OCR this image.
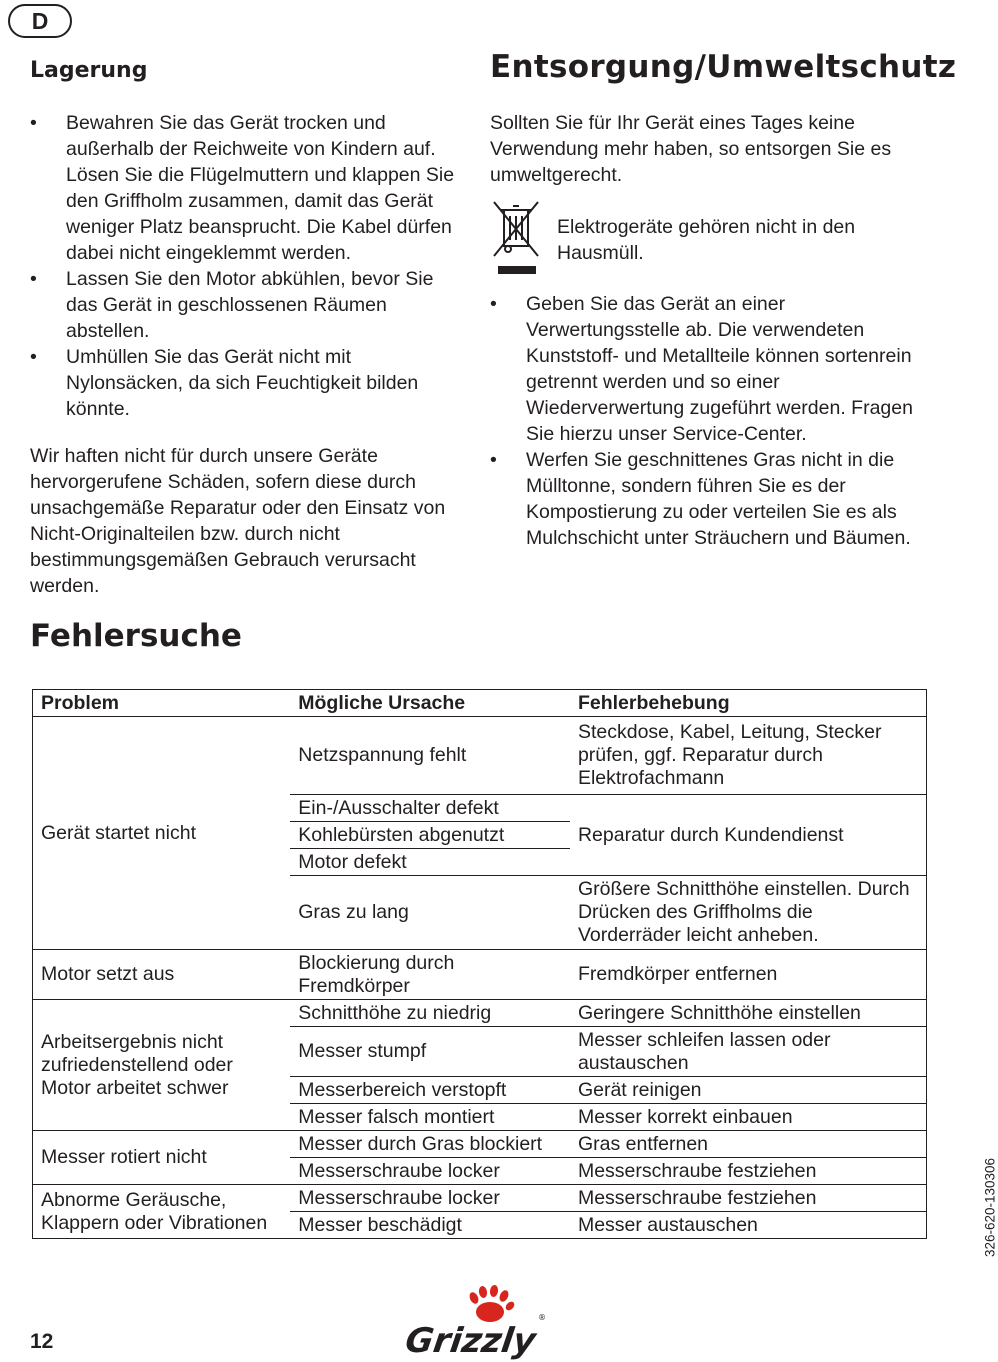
D
Lagerung
• Bewahren Sie das Gerät trocken und außerhalb der Reichweite von Kindern auf. Lösen Sie die Flügelmuttern und klappen Sie den Griffholm zusammen, damit das Gerät weniger Platz beansprucht. Die Kabel dürfen dabei nicht eingeklemmt werden.
• Lassen Sie den Motor abkühlen, bevor Sie das Gerät in geschlossenen Räumen abstellen.
• Umhüllen Sie das Gerät nicht mit Nylonsäcken, da sich Feuchtigkeit bilden könnte.

Wir haften nicht für durch unsere Geräte hervorgerufene Schäden, sofern diese durch unsachgemäße Reparatur oder den Einsatz von Nicht-Originalteilen bzw. durch nicht bestimmungsgemäßen Gebrauch verursacht werden.

Entsorgung/Umweltschutz
Sollten Sie für Ihr Gerät eines Tages keine Verwendung mehr haben, so entsorgen Sie es umweltgerecht.
Elektrogeräte gehören nicht in den Hausmüll.
• Geben Sie das Gerät an einer Verwertungsstelle ab. Die verwendeten Kunststoff- und Metallteile können sortenrein getrennt werden und so einer Wiederverwertung zugeführt werden. Fragen Sie hierzu unser Service-Center.
• Werfen Sie geschnittenes Gras nicht in die Mülltonne, sondern führen Sie es der Kompostierung zu oder verteilen Sie es als Mulchschicht unter Sträuchern und Bäumen.
Fehlersuche
Problem	Mögliche Ursache	Fehlerbehebung
Gerät startet nicht	Netzspannung fehlt	Steckdose, Kabel, Leitung, Stecker prüfen, ggf. Reparatur durch Elektrofachmann
	Ein-/Ausschalter defekt	Reparatur durch Kundendienst
	Kohlebürsten abgenutzt	
	Motor defekt	
	Gras zu lang	Größere Schnitthöhe einstellen. Durch Drücken des Griffholms die Vorderräder leicht anheben.
Motor setzt aus	Blockierung durch Fremdkörper	Fremdkörper entfernen
Arbeitsergebnis nicht zufriedenstellend oder Motor arbeitet schwer	Schnitthöhe zu niedrig	Geringere Schnitthöhe einstellen
	Messer stumpf	Messer schleifen lassen oder austauschen
	Messerbereich verstopft	Gerät reinigen
	Messer falsch montiert	Messer korrekt einbauen
Messer rotiert nicht	Messer durch Gras blockiert	Gras entfernen
	Messerschraube locker	Messerschraube festziehen
Abnorme Geräusche, Klappern oder Vibrationen	Messerschraube locker	Messerschraube festziehen
	Messer beschädigt	Messer austauschen
12	Grizzly
®
326-620-130306
